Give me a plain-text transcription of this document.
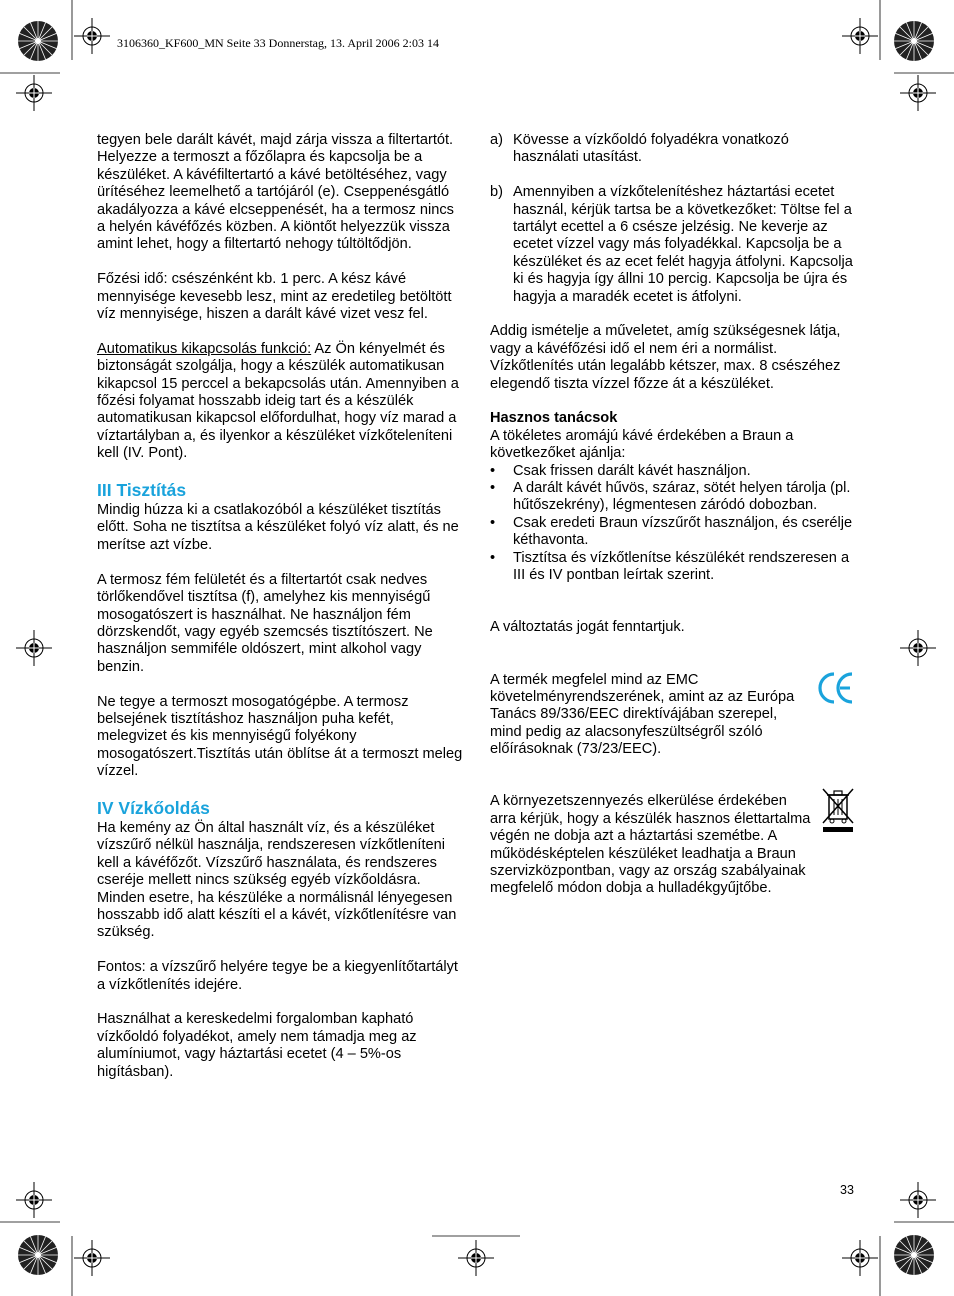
3106360_KF600_MN Seite 33 Donnerstag, 13. April 2006 2:03 14

tegyen bele darált kávét, majd zárja vissza a filtertartót. Helyezze a termoszt a főzőlapra és kapcsolja be a készüléket. A kávéfiltertartó a kávé betöltéséhez, vagy ürítéséhez leemelhető a tartójáról (e). Cseppenésgátló akadályozza a kávé elcseppenését, ha a termosz nincs a helyén kávéfőzés közben. A kiöntőt helyezzük vissza amint lehet, hogy a filtertartó nehogy túltöltődjön.

Főzési idő: csészénként kb. 1 perc. A kész kávé mennyisége kevesebb lesz, mint az eredetileg betöltött víz mennyisége, hiszen a darált kávé vizet vesz fel.

Automatikus kikapcsolás funkció: Az Ön kényelmét és biztonságát szolgálja, hogy a készülék automatikusan kikapcsol 15 perccel a bekapcsolás után. Amennyiben a főzési folyamat hosszabb ideig tart és a készülék automatikusan kikapcsol előfordulhat, hogy víz marad a víztartályban a, és ilyenkor a készüléket vízkőteleníteni kell (IV. Pont).

III Tisztítás

Mindig húzza ki a csatlakozóból a készüléket tisztítás előtt. Soha ne tisztítsa a készüléket folyó víz alatt, és ne merítse azt vízbe.

A termosz fém felületét és a filtertartót csak nedves törlőkendővel tisztítsa (f), amelyhez kis mennyiségű mosogatószert is használhat. Ne használjon fém dörzskendőt, vagy egyéb szemcsés tisztítószert. Ne használjon semmiféle oldószert, mint alkohol vagy benzin.

Ne tegye a termoszt mosogatógépbe. A termosz belsejének tisztításhoz használjon puha kefét, melegvizet és kis mennyiségű folyékony mosogatószert.Tisztítás után öblítse át a termoszt meleg vízzel.

IV Vízkőoldás

Ha kemény az Ön által használt víz, és a készüléket vízszűrő nélkül használja, rendszeresen vízkőtleníteni kell a kávéfőzőt. Vízszűrő használata, és rendszeres cseréje mellett nincs szükség egyéb vízkőoldásra. Minden esetre, ha készüléke a normálisnál lényegesen hosszabb idő alatt készíti el a kávét, vízkőtlenítésre van szükség.

Fontos: a vízszűrő helyére tegye be a kiegyenlítőtartályt a vízkőtlenítés idejére.

Használhat a kereskedelmi forgalomban kapható vízkőoldó folyadékot, amely nem támadja meg az alumíniumot, vagy háztartási ecetet (4 – 5%-os higításban).

a) Kövesse a vízkőoldó folyadékra vonatkozó használati utasítást.
b) Amennyiben a vízkőtelenítéshez háztartási ecetet használ, kérjük tartsa be a következőket: Töltse fel a tartályt ecettel a 6 csésze jelzésig. Ne keverje az ecetet vízzel vagy más folyadékkal. Kapcsolja be a készüléket és az ecet felét hagyja átfolyni. Kapcsolja ki és hagyja így állni 10 percig. Kapcsolja be újra és hagyja a maradék ecetet is átfolyni.

Addig ismételje a műveletet, amíg szükségesnek látja, vagy a kávéfőzési idő el nem éri a normálist. Vízkőtlenítés után legalább kétszer, max. 8 csészéhez elegendő tiszta vízzel főzze át a készüléket.

Hasznos tanácsok

A tökéletes aromájú kávé érdekében a Braun a következőket ajánlja:

•	Csak frissen darált kávét használjon.
•	A darált kávét hűvös, száraz, sötét helyen tárolja (pl. hűtőszekrény), légmentesen záródó dobozban.
•	Csak eredeti Braun vízszűrőt használjon, és cserélje kéthavonta.
•	Tisztítsa és vízkőtlenítse készülékét rendszeresen a III és IV pontban leírtak szerint.

A változtatás jogát fenntartjuk.

A termék megfelel mind az EMC követelményrendszerének, amint az az Európa Tanács 89/336/EEC direktívájában szerepel, mind pedig az alacsonyfeszültségről szóló előírásoknak (73/23/EEC).
A környezetszennyezés elkerülése érdekében arra kérjük, hogy a készülék hasznos élettartalma végén ne dobja azt a háztartási szemétbe. A működésképtelen készüléket leadhatja a Braun szervizközpontban, vagy az ország szabályainak megfelelő módon dobja a hulladékgyűjtőbe.
33
